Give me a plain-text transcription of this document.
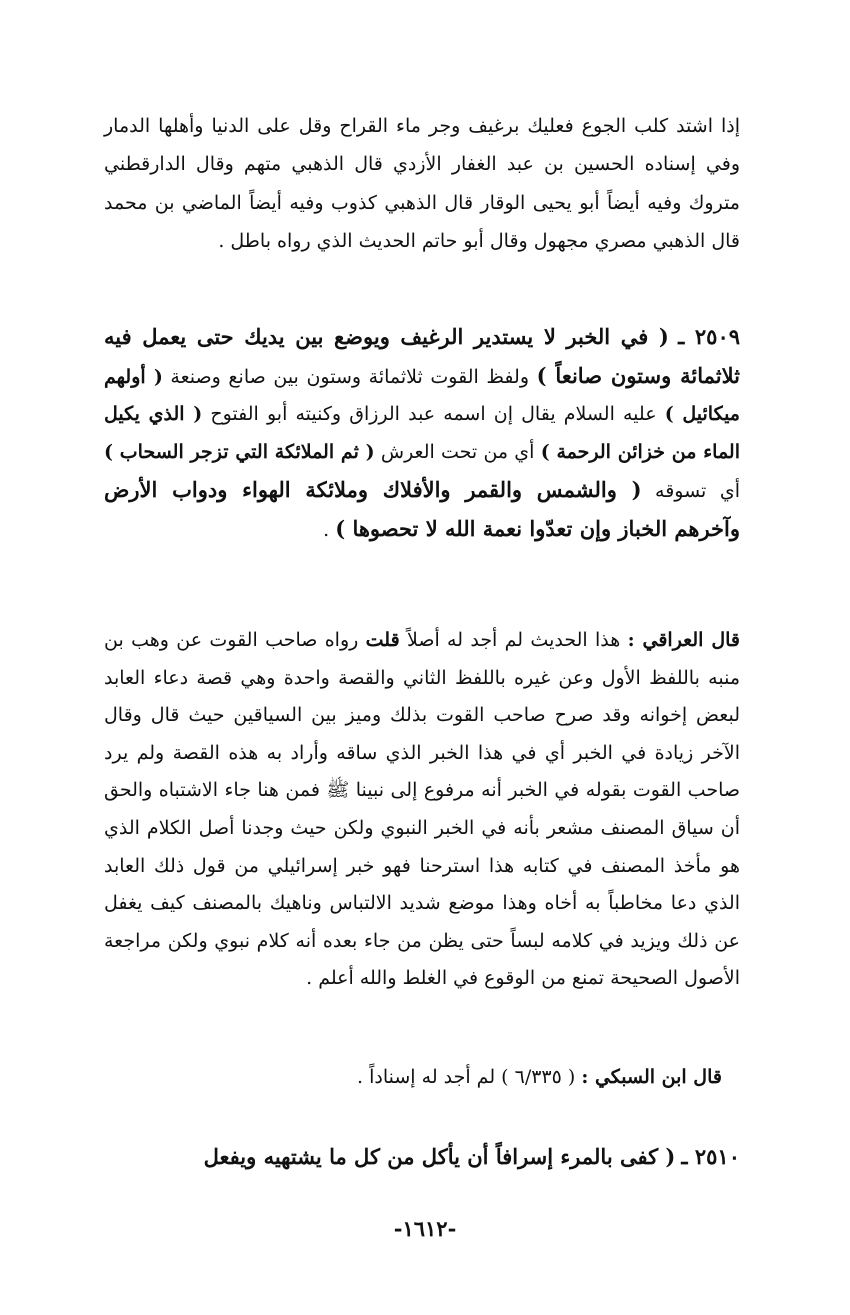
إذا اشتد كلب الجوع فعليك برغيف وجر ماء القراح وقل على الدنيا وأهلها الدمار وفي إسناده الحسين بن عبد الغفار الأزدي قال الذهبي متهم وقال الدارقطني متروك وفيه أيضاً أبو يحيى الوقار قال الذهبي كذوب وفيه أيضاً الماضي بن محمد قال الذهبي مصري مجهول وقال أبو حاتم الحديث الذي رواه باطل .
٢٥٠٩ ـ ( في الخبر لا يستدير الرغيف ويوضع بين يديك حتى يعمل فيه ثلاثمائة وستون صانعاً ) ولفظ القوت ثلاثمائة وستون بين صانع وصنعة ( أولهم ميكائيل ) عليه السلام يقال إن اسمه عبد الرزاق وكنيته أبو الفتوح ( الذي يكيل الماء من خزائن الرحمة ) أي من تحت العرش ( ثم الملائكة التي تزجر السحاب ) أي تسوقه ( والشمس والقمر والأفلاك وملائكة الهواء ودواب الأرض وآخرهم الخباز وإن تعدّوا نعمة الله لا تحصوها ) .
قال العراقي : هذا الحديث لم أجد له أصلاً قلت رواه صاحب القوت عن وهب بن منبه باللفظ الأول وعن غيره باللفظ الثاني والقصة واحدة وهي قصة دعاء العابد لبعض إخوانه وقد صرح صاحب القوت بذلك وميز بين السياقين حيث قال وقال الآخر زيادة في الخبر أي في هذا الخبر الذي ساقه وأراد به هذه القصة ولم يرد صاحب القوت بقوله في الخبر أنه مرفوع إلى نبينا ﷺ فمن هنا جاء الاشتباه والحق أن سياق المصنف مشعر بأنه في الخبر النبوي ولكن حيث وجدنا أصل الكلام الذي هو مأخذ المصنف في كتابه هذا استرحنا فهو خبر إسرائيلي من قول ذلك العابد الذي دعا مخاطباً به أخاه وهذا موضع شديد الالتباس وناهيك بالمصنف كيف يغفل عن ذلك ويزيد في كلامه لبساً حتى يظن من جاء بعده أنه كلام نبوي ولكن مراجعة الأصول الصحيحة تمنع من الوقوع في الغلط والله أعلم .
قال ابن السبكي : ( ٦/٣٣٥ ) لم أجد له إسناداً .
٢٥١٠ ـ ( كفى بالمرء إسرافاً أن يأكل من كل ما يشتهيه ويفعل
-١٦١٢-
